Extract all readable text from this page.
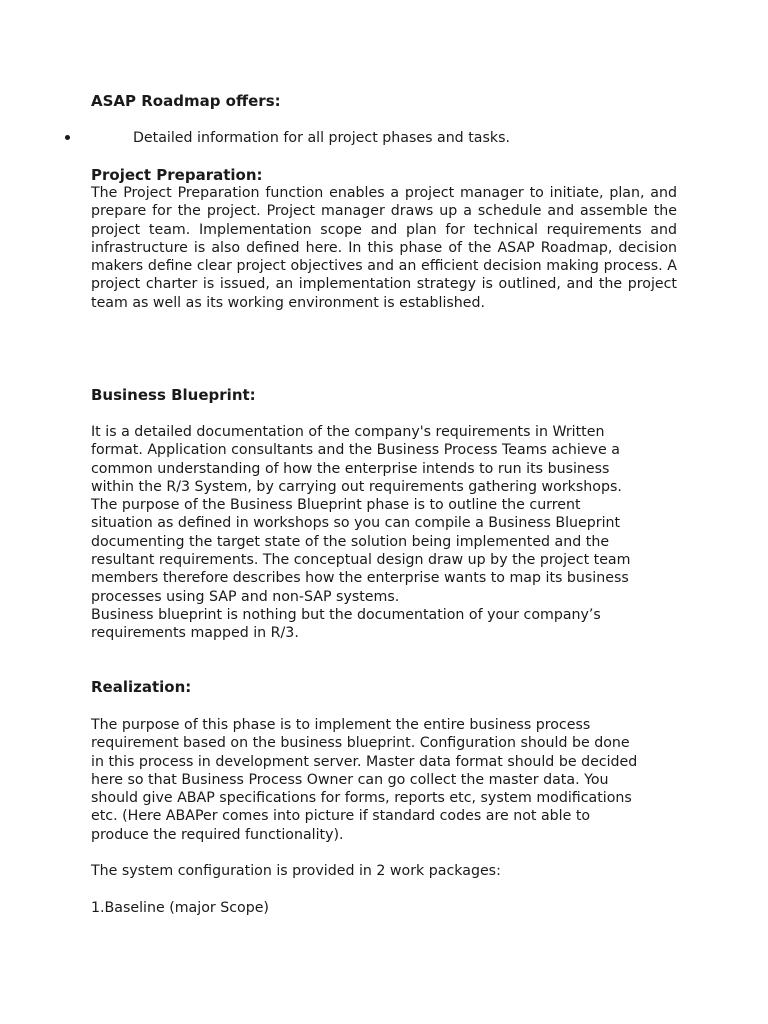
ASAP Roadmap offers:
Detailed information for all project phases and tasks.
Project Preparation:

The Project Preparation function enables a project manager to initiate, plan, and prepare for the project. Project manager draws up a schedule and assemble the project team. Implementation scope and plan for technical requirements and infrastructure is also defined here. In this phase of the ASAP Roadmap, decision makers define clear project objectives and an efficient decision making process. A project charter is issued, an implementation strategy is outlined, and the project team as well as its working environment is established.

Business Blueprint:
It is a detailed documentation of the company's requirements in Written
format. Application consultants and the Business Process Teams achieve a
common understanding of how the enterprise intends to run its business
within the R/3 System, by carrying out requirements gathering workshops.
The purpose of the Business Blueprint phase is to outline the current
situation as defined in workshops so you can compile a Business Blueprint
documenting the target state of the solution being implemented and the
resultant requirements. The conceptual design draw up by the project team
members therefore describes how the enterprise wants to map its business
processes using SAP and non-SAP systems.
Business blueprint is nothing but the documentation of your company’s
requirements mapped in R/3.
Realization:
The purpose of this phase is to implement the entire business process
requirement based on the business blueprint. Configuration should be done
in this process in development server. Master data format should be decided
here so that Business Process Owner can go collect the master data. You
should give ABAP specifications for forms, reports etc, system modifications
etc. (Here ABAPer comes into picture if standard codes are not able to
produce the required functionality).

The system configuration is provided in 2 work packages:

1.Baseline (major Scope)
